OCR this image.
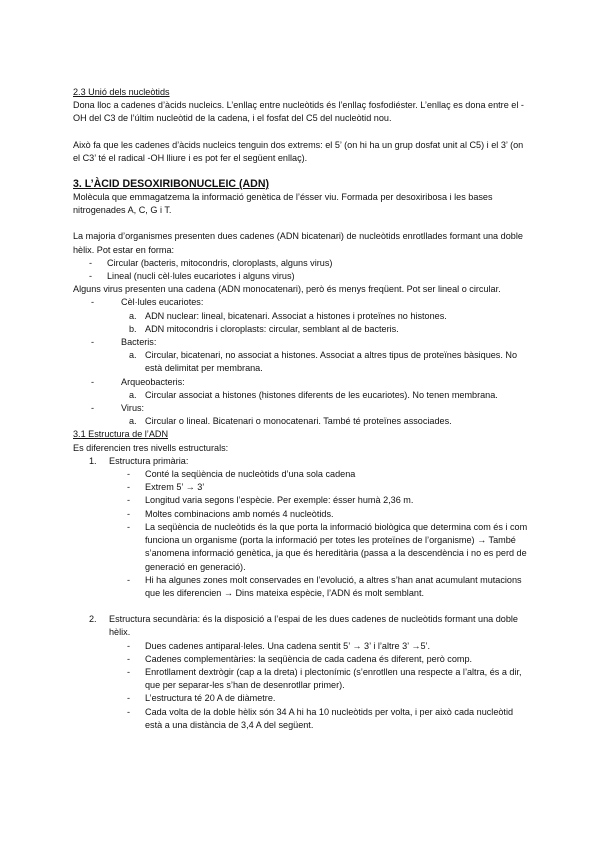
2.3 Unió dels nucleòtids

Dona lloc a cadenes d’àcids nucleics. L’enllaç entre nucleòtids és l’enllaç fosfodiéster. L’enllaç es dona entre el -OH del C3 de l’últim nucleòtid de la cadena, i el fosfat del C5 del nucleòtid nou.

Això fa que les cadenes d’àcids nucleics tenguin dos extrems: el 5’ (on hi ha un grup dosfat unit al C5) i el 3’ (on el C3’ té el radical -OH lliure i es pot fer el següent enllaç).

3. L’ÀCID DESOXIRIBONUCLEIC (ADN)

Molècula que emmagatzema la informació genètica de l’ésser viu. Formada per desoxiribosa i les bases nitrogenades A, C, G i T.

La majoria d’organismes presenten dues cadenes (ADN bicatenari) de nucleòtids enrotllades formant una doble hèlix. Pot estar en forma:

-	Circular (bacteris, mitocondris, cloroplasts, alguns virus)
-	Lineal (nucli cèl·lules eucariotes i alguns virus)

Alguns virus presenten una cadena (ADN monocatenari), però és menys freqüent. Pot ser lineal o circular.

-	Cèl·lules eucariotes:
a. ADN nuclear: lineal, bicatenari. Associat a histones i proteïnes no histones.
b. ADN mitocondris i cloroplasts: circular, semblant al de bacteris.
-	Bacteris:
a. Circular, bicatenari, no associat a histones. Associat a altres tipus de proteïnes bàsiques. No està delimitat per membrana.
-	Arqueobacteris:
a. Circular associat a histones (histones diferents de les eucariotes). No tenen membrana.
-	Virus:
a. Circular o lineal. Bicatenari o monocatenari. També té proteïnes associades.

3.1 Estructura de l’ADN

Es diferencien tres nivells estructurals:

1.	Estructura primària:
-	Conté la seqüència de nucleòtids d’una sola cadena
-	Extrem 5’ → 3’
-	Longitud varia segons l’espècie. Per exemple: ésser humà 2,36 m.
-	Moltes combinacions amb només 4 nucleòtids.
-	La seqüència de nucleòtids és la que porta la informació biològica que determina com és i com funciona un organisme (porta la informació per totes les proteïnes de l’organisme) → També s’anomena informació genètica, ja que és hereditària (passa a la descendència i no es perd de generació en generació).
-	Hi ha algunes zones molt conservades en l’evolució, a altres s’han anat acumulant mutacions que les diferencien → Dins mateixa espècie, l’ADN és molt semblant.
2.	Estructura secundària: és la disposició a l’espai de les dues cadenes de nucleòtids formant una doble hèlix.
-	Dues cadenes antiparal·leles. Una cadena sentit 5’ → 3’ i l’altre 3’ →5’.
-	Cadenes complementàries: la seqüència de cada cadena és diferent, però comp.
-	Enrotllament dextrògir (cap a la dreta) i plectonímic (s’enrotllen una respecte a l’altra, és a dir, que per separar-les s’han de desenrotllar primer).
-	L’estructura té 20 A de diàmetre.
-	Cada volta de la doble hèlix són 34 A hi ha 10 nucleòtids per volta, i per això cada nucleòtid està a una distància de 3,4 A del següent.
